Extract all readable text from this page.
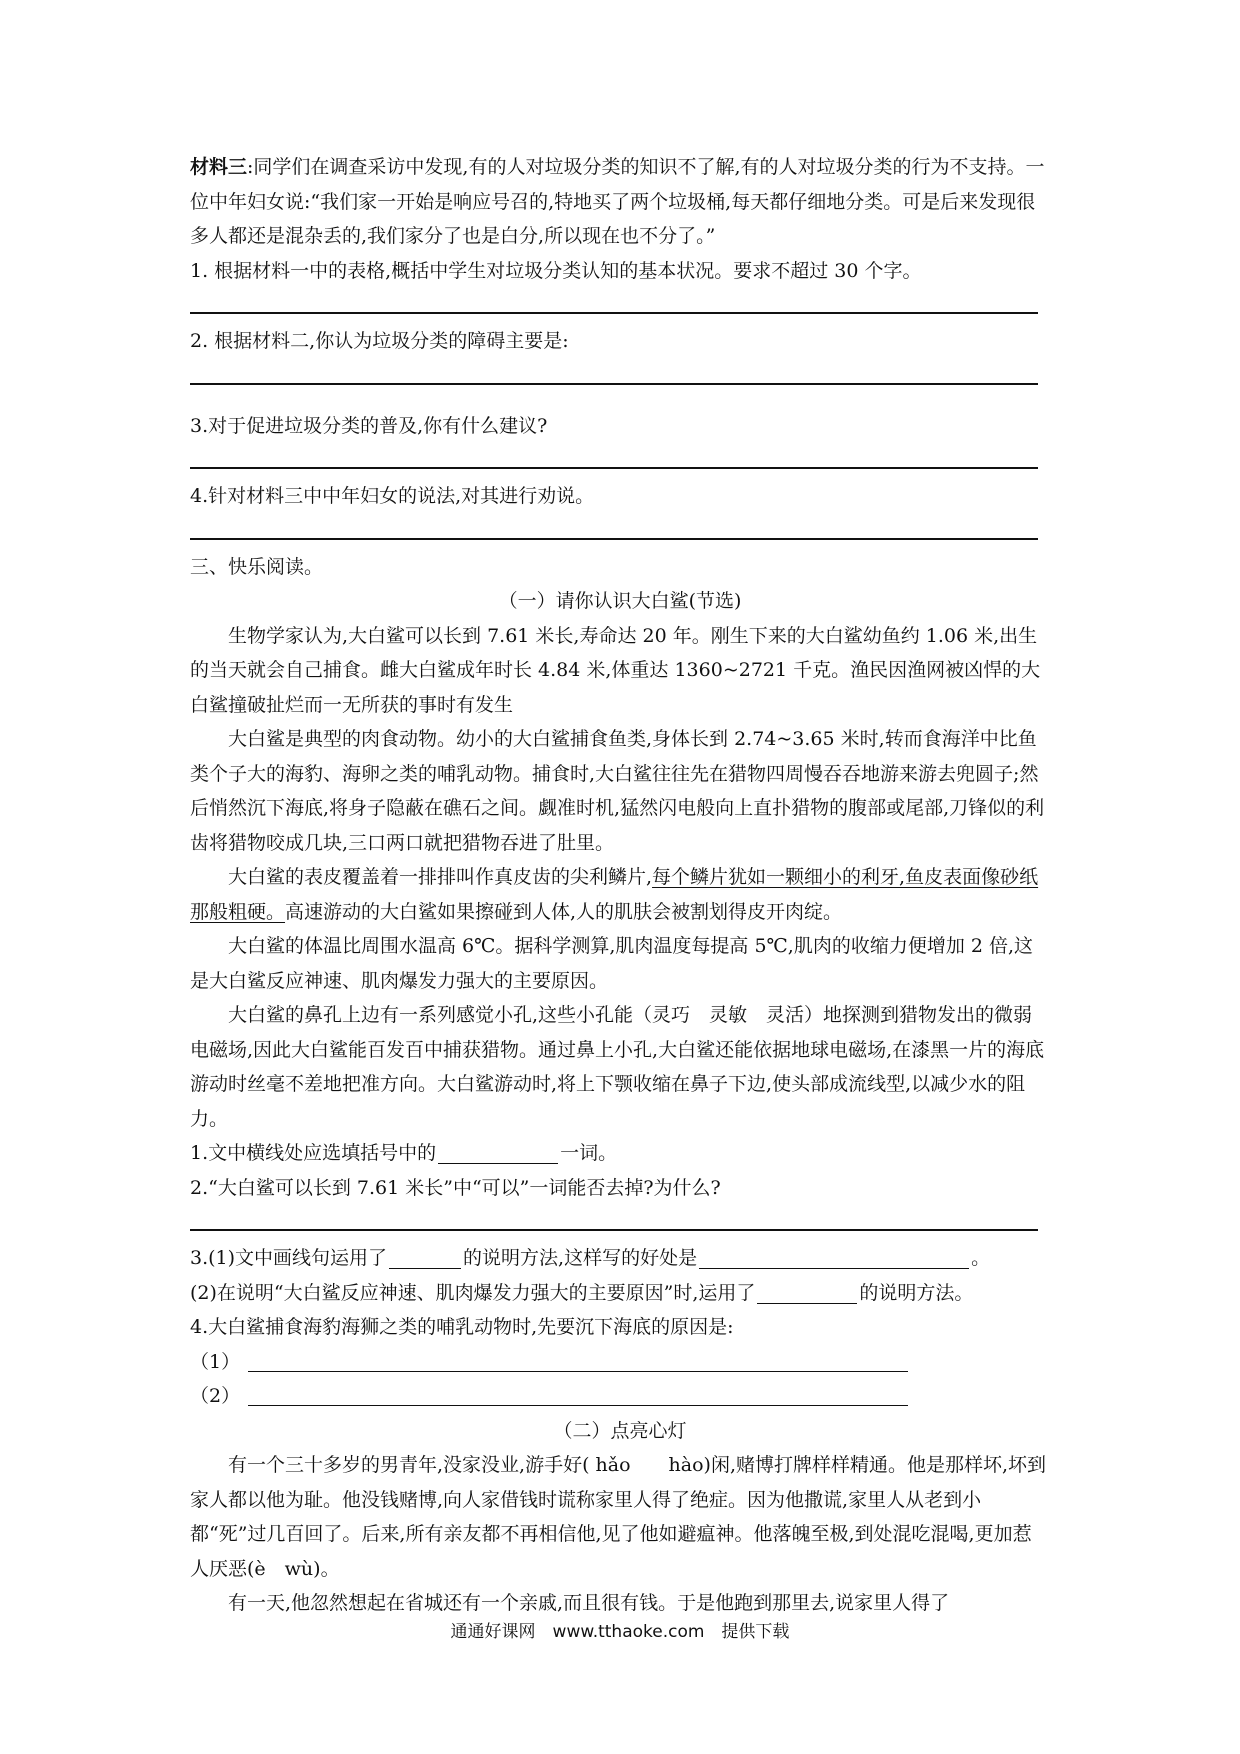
材料三:同学们在调查采访中发现,有的人对垃圾分类的知识不了解,有的人对垃圾分类的行为不支持。一位中年妇女说:“我们家一开始是响应号召的,特地买了两个垃圾桶,每天都仔细地分类。可是后来发现很多人都还是混杂丢的,我们家分了也是白分,所以现在也不分了。”

1. 根据材料一中的表格,概括中学生对垃圾分类认知的基本状况。要求不超过 30 个字。

2. 根据材料二,你认为垃圾分类的障碍主要是:

3.对于促进垃圾分类的普及,你有什么建议?

4.针对材料三中中年妇女的说法,对其进行劝说。

三、快乐阅读。

（一）请你认识大白鲨(节选)

生物学家认为,大白鲨可以长到 7.61 米长,寿命达 20 年。刚生下来的大白鲨幼鱼约 1.06 米,出生的当天就会自己捕食。雌大白鲨成年时长 4.84 米,体重达 1360~2721 千克。渔民因渔网被凶悍的大白鲨撞破扯烂而一无所获的事时有发生

大白鲨是典型的肉食动物。幼小的大白鲨捕食鱼类,身体长到 2.74~3.65 米时,转而食海洋中比鱼类个子大的海豹、海卵之类的哺乳动物。捕食时,大白鲨往往先在猎物四周慢吞吞地游来游去兜圆子;然后悄然沉下海底,将身子隐蔽在礁石之间。觑准时机,猛然闪电般向上直扑猎物的腹部或尾部,刀锋似的利齿将猎物咬成几块,三口两口就把猎物吞进了肚里。

大白鲨的表皮覆盖着一排排叫作真皮齿的尖利鳞片,每个鳞片犹如一颗细小的利牙,鱼皮表面像砂纸那般粗硬。高速游动的大白鲨如果擦碰到人体,人的肌肤会被割划得皮开肉绽。

大白鲨的体温比周围水温高 6℃。据科学测算,肌肉温度每提高 5℃,肌肉的收缩力便增加 2 倍,这是大白鲨反应神速、肌肉爆发力强大的主要原因。

大白鲨的鼻孔上边有一系列感觉小孔,这些小孔能（灵巧　灵敏　灵活）地探测到猎物发出的微弱电磁场,因此大白鲨能百发百中捕获猎物。通过鼻上小孔,大白鲨还能依据地球电磁场,在漆黑一片的海底游动时丝毫不差地把准方向。大白鲨游动时,将上下颚收缩在鼻子下边,使头部成流线型,以减少水的阻力。

1.文中横线处应选填括号中的	一词。

2.“大白鲨可以长到 7.61 米长”中“可以”一词能否去掉?为什么?

3.(1)文中画线句运用了	的说明方法,这样写的好处是	。

(2)在说明“大白鲨反应神速、肌肉爆发力强大的主要原因”时,运用了	的说明方法。

4.大白鲨捕食海豹海狮之类的哺乳动物时,先要沉下海底的原因是:

（1）

（2）

（二）点亮心灯

有一个三十多岁的男青年,没家没业,游手好( hǎo　　hào)闲,赌博打牌样样精通。他是那样坏,坏到家人都以他为耻。他没钱赌博,向人家借钱时谎称家里人得了绝症。因为他撒谎,家里人从老到小都“死”过几百回了。后来,所有亲友都不再相信他,见了他如避瘟神。他落魄至极,到处混吃混喝,更加惹人厌恶(è　wù)。

有一天,他忽然想起在省城还有一个亲戚,而且很有钱。于是他跑到那里去,说家里人得了

通通好课网　www.tthaoke.com　提供下载
